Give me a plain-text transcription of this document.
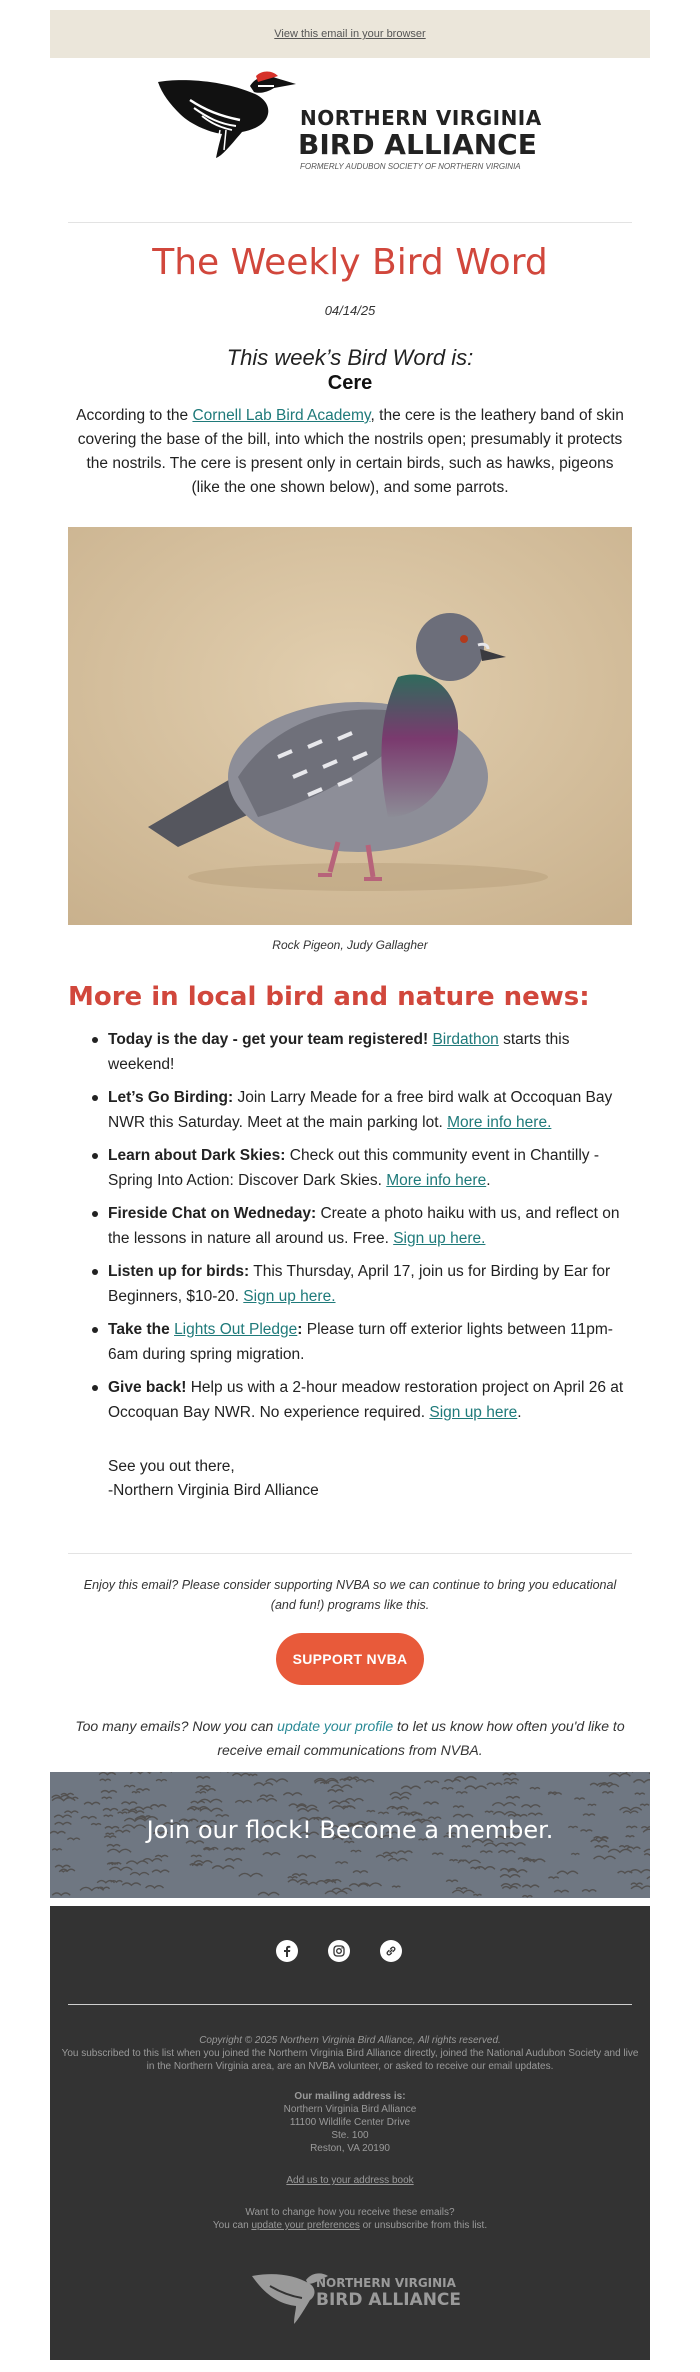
View this email in your browser
NORTHERN VIRGINIA
BIRD ALLIANCE
FORMERLY AUDUBON SOCIETY OF NORTHERN VIRGINIA
The Weekly Bird Word
04/14/25
This week’s Bird Word is:
Cere

According to the Cornell Lab Bird Academy, the cere is the leathery band of skin covering the base of the bill, into which the nostrils open; presumably it protects the nostrils. The cere is present only in certain birds, such as hawks, pigeons (like the one shown below), and some parrots.

Rock Pigeon, Judy Gallagher
More in local bird and nature news:
Today is the day - get your team registered! Birdathon starts this weekend!
Let’s Go Birding: Join Larry Meade for a free bird walk at Occoquan Bay NWR this Saturday. Meet at the main parking lot. More info here.
Learn about Dark Skies: Check out this community event in Chantilly - Spring Into Action: Discover Dark Skies. More info here.
Fireside Chat on Wedneday: Create a photo haiku with us, and reflect on the lessons in nature all around us. Free. Sign up here.
Listen up for birds: This Thursday, April 17, join us for Birding by Ear for Beginners, $10-20. Sign up here.
Take the Lights Out Pledge: Please turn off exterior lights between 11pm-6am during spring migration.
Give back! Help us with a 2-hour meadow restoration project on April 26 at Occoquan Bay NWR. No experience required. Sign up here.
See you out there,
-Northern Virginia Bird Alliance
Enjoy this email? Please consider supporting NVBA so we can continue to bring you educational (and fun!) programs like this.
SUPPORT NVBA

Too many emails? Now you can update your profile to let us know how often you'd like to receive email communications from NVBA.

Join our flock! Become a member.
Copyright © 2025 Northern Virginia Bird Alliance, All rights reserved.
You subscribed to this list when you joined the Northern Virginia Bird Alliance directly, joined the National Audubon Society and live in the Northern Virginia area, are an NVBA volunteer, or asked to receive our email updates.
Our mailing address is:
Northern Virginia Bird Alliance
11100 Wildlife Center Drive
Ste. 100
Reston, VA 20190
Add us to your address book
Want to change how you receive these emails?
You can update your preferences or unsubscribe from this list.
NORTHERN VIRGINIA
BIRD ALLIANCE
